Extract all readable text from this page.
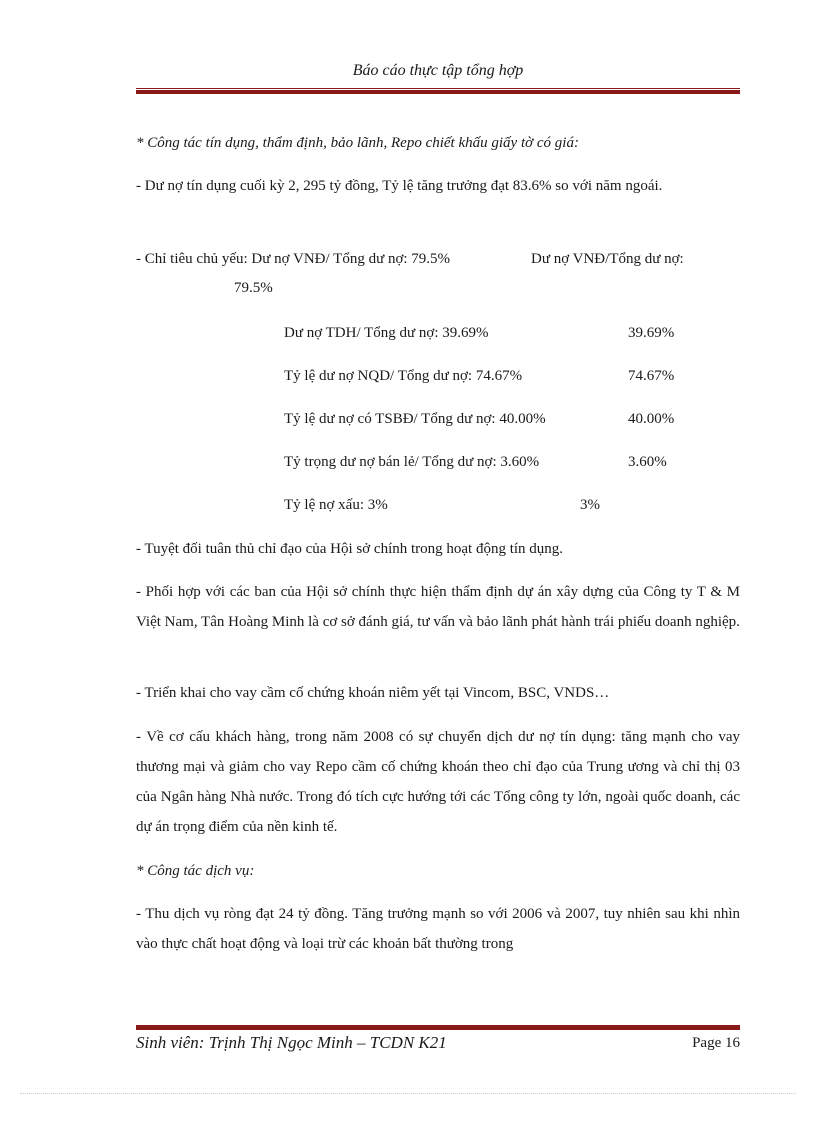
Báo cáo thực tập tổng hợp
* Công tác tín dụng, thẩm định, bảo lãnh, Repo chiết khấu giấy tờ có giá:
- Dư nợ tín dụng cuối kỳ 2, 295 tỷ đồng, Tỷ lệ tăng trưởng đạt 83.6% so với năm ngoái.
- Chỉ tiêu chủ yếu: Dư nợ VNĐ/ Tổng dư nợ: 79.5%	Dư nợ VNĐ/Tổng dư nợ:
79.5%
Dư nợ TDH/ Tổng dư nợ: 39.69%	39.69%
Tỷ lệ dư nợ NQD/ Tổng dư nợ: 74.67%	74.67%
Tỷ lệ dư nợ có TSBĐ/ Tổng dư nợ: 40.00%	40.00%
Tỷ trọng dư nợ bán lẻ/ Tổng dư nợ: 3.60%	3.60%
Tỷ lệ nợ xấu: 3%	3%
- Tuyệt đối tuân thủ chỉ đạo của Hội sở chính trong hoạt động tín dụng.
- Phối hợp với các ban của Hội sở chính thực hiện thẩm định dự án xây dựng của Công ty T & M Việt Nam, Tân Hoàng Minh là cơ sở đánh giá, tư vấn và bảo lãnh phát hành trái phiếu doanh nghiệp.
- Triển khai cho vay cầm cố chứng khoán niêm yết tại Vincom, BSC, VNDS…
- Về cơ cấu khách hàng, trong năm 2008 có sự chuyển dịch dư nợ tín dụng: tăng mạnh cho vay thương mại và giảm cho vay Repo cầm cố chứng khoán theo chỉ đạo của Trung ương và chỉ thị 03 của Ngân hàng Nhà nước. Trong đó tích cực hướng tới các Tổng công ty lớn, ngoài quốc doanh, các dự án trọng điểm của nền kinh tế.
* Công tác dịch vụ:
- Thu dịch vụ ròng đạt 24 tỷ đồng. Tăng trưởng mạnh so với 2006 và 2007, tuy nhiên sau khi nhìn vào thực chất hoạt động và loại trừ các khoản bất thường trong
Sinh viên: Trịnh Thị Ngọc Minh – TCDN K21	Page 16
